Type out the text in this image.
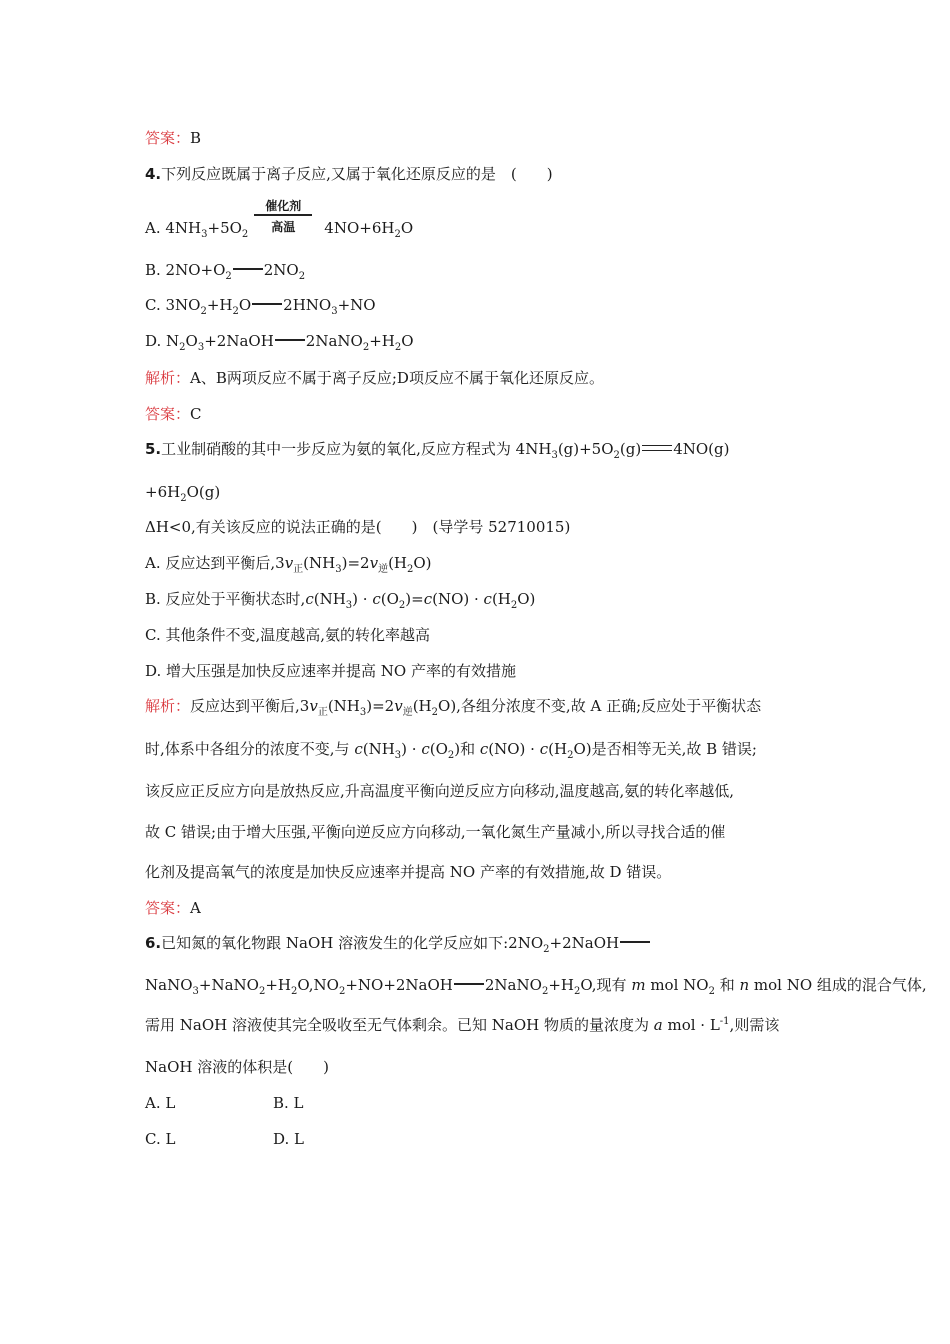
答案：B
4.下列反应既属于离子反应,又属于氧化还原反应的是　(　　)
A. $4NH_3+5O_2$
催化剂
高温	$4NO+6H_2O$
B. $2NO+O_2$ $2NO_2$
C. $3NO_2+H_2O$ $2HNO_3+NO$
D. $N_2O_3+2NaOH$ $2NaNO_2+H_2O$
解析：A、B两项反应不属于离子反应;D项反应不属于氧化还原反应。
答案：C
5.工业制硝酸的其中一步反应为氨的氧化,反应方程式为 $4NH_3(g)+5O_2(g)$ 4NO(g)
$+6H_2O(g)$
ΔH<0,有关该反应的说法正确的是(　　)　(导学号 52710015)
A. 反应达到平衡后$,3v_正(NH_3)=2v_逆(H_2O)$
B. 反应处于平衡状态时$,c(NH_3) \cdot c(O_2)=c(NO) \cdot c(H_2O)$
C. 其他条件不变,温度越高,氨的转化率越高
D. 增大压强是加快反应速率并提高 NO 产率的有效措施
解析：反应达到平衡后$,3v_正(NH_3)=2v_逆(H_2O)$,各组分浓度不变,故 A 正确;反应处于平衡状态
时,体系中各组分的浓度不变,与 $c(NH_3) \cdot c(O_2)$和 $c(NO) \cdot c(H_2O)$是否相等无关,故 B 错误;
该反应正反应方向是放热反应,升高温度平衡向逆反应方向移动,温度越高,氨的转化率越低,
故 C 错误;由于增大压强,平衡向逆反应方向移动,一氧化氮生产量减小,所以寻找合适的催
化剂及提高氧气的浓度是加快反应速率并提高 NO 产率的有效措施,故 D 错误。
答案：A
6.已知氮的氧化物跟 NaOH 溶液发生的化学反应如下$:2NO_2+2NaOH$
$NaNO_3+NaNO_2+H_2O,NO_2+NO+2NaOH$ $2NaNO_2+H_2O$,现有 m mol $NO_2$ 和 n mol NO 组成的混合气体,
需用 NaOH 溶液使其完全吸收至无气体剩余。已知 NaOH 物质的量浓度为 a mol · $L^{-1}$,则需该
NaOH 溶液的体积是(　　)
A. L	B. L
C. L	D. L
